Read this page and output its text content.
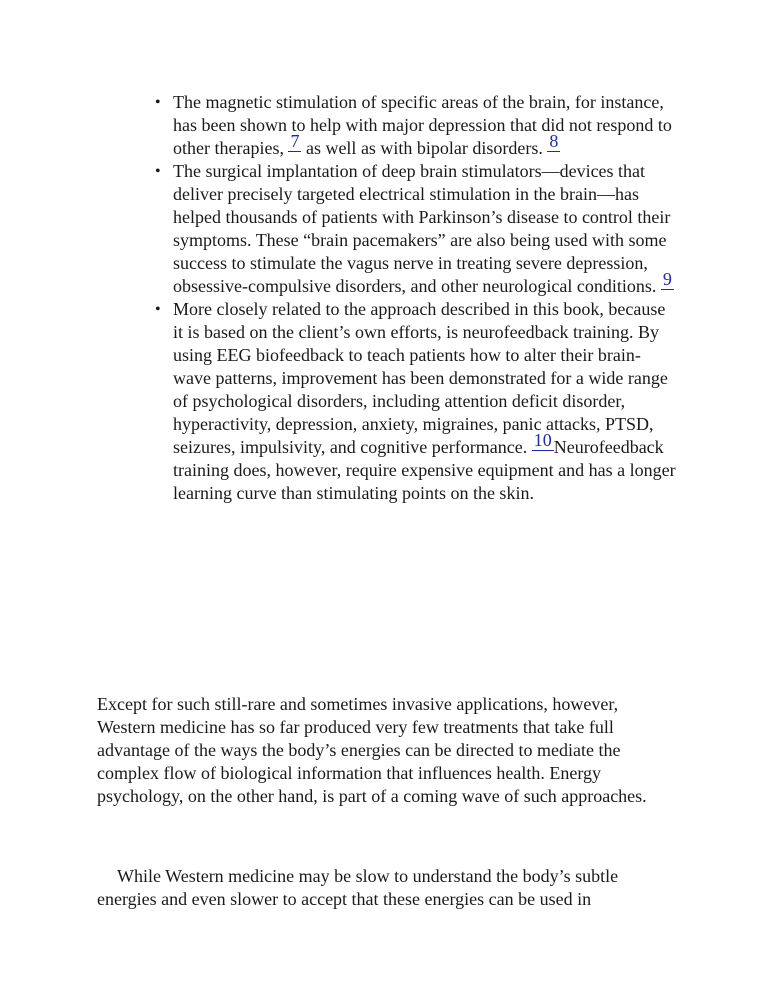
• The magnetic stimulation of specific areas of the brain, for instance, has been shown to help with major depression that did not respond to other therapies, 7 as well as with bipolar disorders. 8
• The surgical implantation of deep brain stimulators—devices that deliver precisely targeted electrical stimulation in the brain—has helped thousands of patients with Parkinson’s disease to control their symptoms. These “brain pacemakers” are also being used with some success to stimulate the vagus nerve in treating severe depression, obsessive-compulsive disorders, and other neurological conditions. 9
• More closely related to the approach described in this book, because it is based on the client’s own efforts, is neurofeedback training. By using EEG biofeedback to teach patients how to alter their brain-wave patterns, improvement has been demonstrated for a wide range of psychological disorders, including attention deficit disorder, hyperactivity, depression, anxiety, migraines, panic attacks, PTSD, seizures, impulsivity, and cognitive performance. 10 Neurofeedback training does, however, require expensive equipment and has a longer learning curve than stimulating points on the skin.

Except for such still-rare and sometimes invasive applications, however, Western medicine has so far produced very few treatments that take full advantage of the ways the body’s energies can be directed to mediate the complex flow of biological information that influences health. Energy psychology, on the other hand, is part of a coming wave of such approaches.

While Western medicine may be slow to understand the body’s subtle energies and even slower to accept that these energies can be used in
